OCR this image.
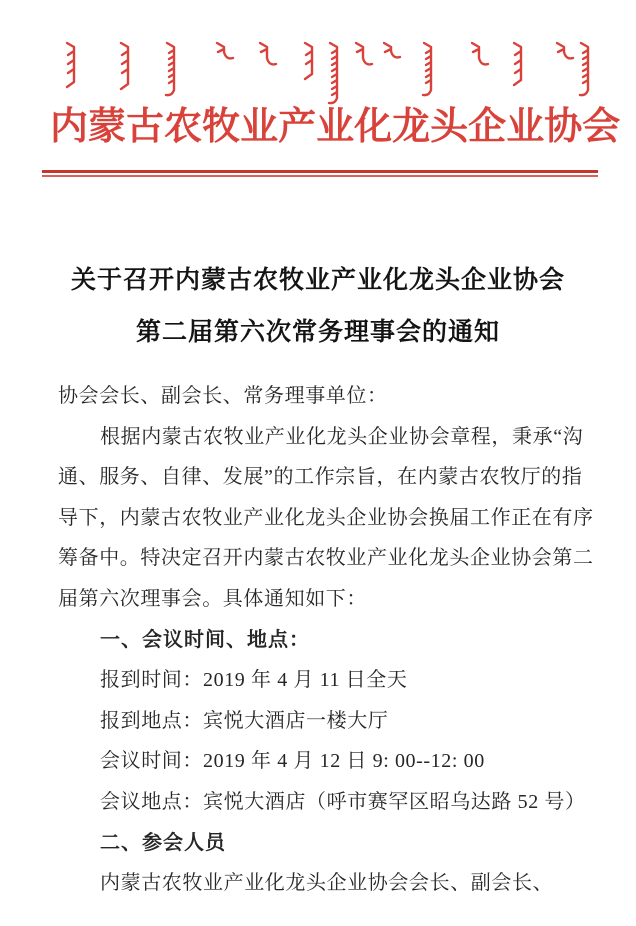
内 蒙 古 农 牧 业 产 业 化 龙 头 企 业 协 会
关于召开内蒙古农牧业产业化龙头企业协会
第二届第六次常务理事会的通知

协会会长、副会长、常务理事单位：

根据内蒙古农牧业产业化龙头企业协会章程，秉承“沟

通、服务、自律、发展”的工作宗旨，在内蒙古农牧厅的指

导下，内蒙古农牧业产业化龙头企业协会换届工作正在有序

筹备中。特决定召开内蒙古农牧业产业化龙头企业协会第二

届第六次理事会。具体通知如下：

一、会议时间、地点：

报到时间：2019 年 4 月 11 日全天

报到地点：宾悦大酒店一楼大厅

会议时间：2019 年 4 月 12 日 9: 00--12: 00

会议地点：宾悦大酒店（呼市赛罕区昭乌达路 52 号）

二、参会人员

内蒙古农牧业产业化龙头企业协会会长、副会长、
